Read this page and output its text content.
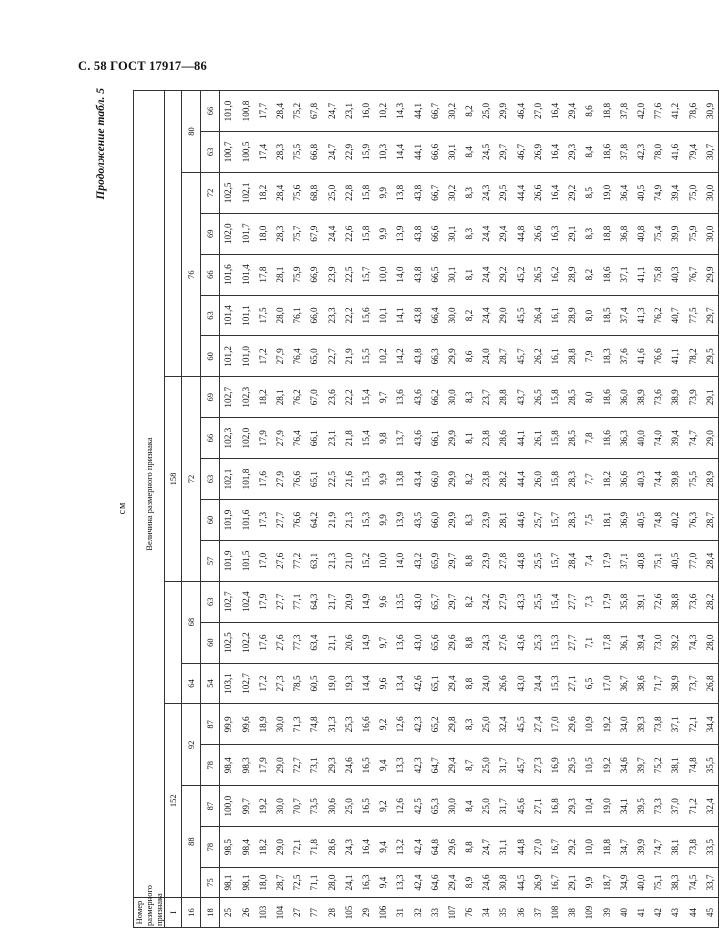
С. 58 ГОСТ 17917—86
Продолжение табл. 5
см
Номер размерного признака	Величина размерного признака																			
I	152								158											
16	88			92		64	68		72					76					80	
18	75	78	87	78	87	54	60	63	57	60	63	66	69	60	63	66	69	72	63	66
25	98,1	98,5	100,0	98,4	99,9	103,1	102,5	102,7	101,9	101,9	102,1	102,3	102,7	101,2	101,4	101,6	102,0	102,5	100,7	101,0
26	98,1	98,4	99,7	98,3	99,6	102,7	102,2	102,4	101,5	101,6	101,8	102,0	102,3	101,0	101,1	101,4	101,7	102,1	100,5	100,8
103	18,0	18,2	19,2	17,9	18,9	17,2	17,6	17,9	17,0	17,3	17,6	17,9	18,2	17,2	17,5	17,8	18,0	18,2	17,4	17,7
104	28,7	29,0	30,0	29,0	30,0	27,3	27,6	27,7	27,6	27,7	27,9	27,9	28,1	27,9	28,0	28,1	28,3	28,4	28,3	28,4
27	72,5	72,1	70,7	72,7	71,3	78,5	77,3	77,1	77,2	76,6	76,6	76,4	76,2	76,4	76,1	75,9	75,7	75,6	75,5	75,2
77	71,1	71,8	73,5	73,1	74,8	60,5	63,4	64,3	63,1	64,2	65,1	66,1	67,0	65,0	66,0	66,9	67,9	68,8	66,8	67,8
28	28,0	28,6	30,6	29,3	31,3	19,0	21,1	21,7	21,3	21,9	22,5	23,1	23,6	22,7	23,3	23,9	24,4	25,0	24,7	24,7
105	24,1	24,3	25,0	24,6	25,3	19,3	20,6	20,9	21,0	21,3	21,6	21,8	22,2	21,9	22,2	22,5	22,6	22,8	22,9	23,1
29	16,3	16,4	16,5	16,5	16,6	14,4	14,9	14,9	15,2	15,3	15,3	15,4	15,4	15,5	15,6	15,7	15,8	15,8	15,9	16,0
106	9,4	9,4	9,2	9,4	9,2	9,6	9,7	9,6	10,0	9,9	9,9	9,8	9,7	10,2	10,1	10,0	9,9	9,9	10,3	10,2
31	13,3	13,2	12,6	13,3	12,6	13,4	13,6	13,5	14,0	13,9	13,8	13,7	13,6	14,2	14,1	14,0	13,9	13,8	14,4	14,3
32	42,4	42,4	42,5	42,3	42,3	42,6	43,0	43,0	43,2	43,5	43,4	43,6	43,6	43,8	43,8	43,8	43,8	43,8	44,1	44,1
33	64,6	64,8	65,3	64,7	65,2	65,1	65,6	65,7	65,9	66,0	66,0	66,1	66,2	66,3	66,4	66,5	66,6	66,7	66,6	66,7
107	29,4	29,6	30,0	29,4	29,8	29,4	29,6	29,7	29,7	29,9	29,9	29,9	30,0	29,9	30,0	30,1	30,1	30,2	30,1	30,2
76	8,9	8,8	8,4	8,7	8,3	8,8	8,8	8,2	8,8	8,3	8,2	8,1	8,3	8,6	8,2	8,1	8,3	8,3	8,4	8,2
34	24,6	24,7	25,0	25,0	25,0	24,0	24,3	24,2	23,9	23,9	23,8	23,8	23,7	24,0	24,4	24,4	24,4	24,3	24,5	25,0
35	30,8	31,1	31,7	31,7	32,4	26,6	27,6	27,9	27,8	28,1	28,2	28,6	28,8	28,7	29,0	29,2	29,4	29,5	29,7	29,9
36	44,5	44,8	45,6	45,7	45,5	43,0	43,6	43,3	44,8	44,6	44,4	44,1	43,7	45,7	45,5	45,2	44,8	44,4	46,7	46,4
37	26,9	27,0	27,1	27,3	27,4	24,4	25,3	25,5	25,5	25,7	26,0	26,1	26,5	26,2	26,4	26,5	26,6	26,6	26,9	27,0
108	16,7	16,7	16,8	16,9	17,0	15,3	15,3	15,4	15,7	15,7	15,8	15,8	15,8	16,1	16,1	16,2	16,3	16,4	16,4	16,4
38	29,1	29,2	29,3	29,5	29,6	27,1	27,7	27,7	28,4	28,3	28,3	28,5	28,5	28,8	28,9	28,9	29,1	29,2	29,3	29,4
109	9,9	10,0	10,4	10,5	10,9	6,5	7,1	7,3	7,4	7,5	7,7	7,8	8,0	7,9	8,0	8,2	8,3	8,5	8,4	8,6
39	18,7	18,8	19,0	19,2	19,2	17,0	17,8	17,9	17,9	18,1	18,2	18,6	18,6	18,3	18,5	18,6	18,8	19,0	18,6	18,8
40	34,9	34,7	34,1	34,6	34,0	36,7	36,1	35,8	37,1	36,9	36,6	36,3	36,0	37,6	37,4	37,1	36,8	36,4	37,8	37,8
41	40,0	39,9	39,5	39,7	39,3	38,6	39,4	39,1	40,8	40,5	40,3	40,0	38,9	41,6	41,3	41,1	40,8	40,5	42,3	42,0
42	75,1	74,7	73,3	75,2	73,8	71,7	73,0	72,6	75,1	74,8	74,4	74,0	73,6	76,6	76,2	75,8	75,4	74,9	78,0	77,6
43	38,3	38,1	37,0	38,1	37,1	38,9	39,2	38,8	40,5	40,2	39,8	39,4	38,9	41,1	40,7	40,3	39,9	39,4	41,6	41,2
44	74,5	73,8	71,2	74,8	72,1	73,7	74,3	73,6	77,0	76,3	75,5	74,7	73,9	78,2	77,5	76,7	75,9	75,0	79,4	78,6
45	33,7	33,5	32,4	35,5	34,4	26,8	28,0	28,2	28,4	28,7	28,9	29,0	29,1	29,5	29,7	29,9	30,0	30,0	30,7	30,9
